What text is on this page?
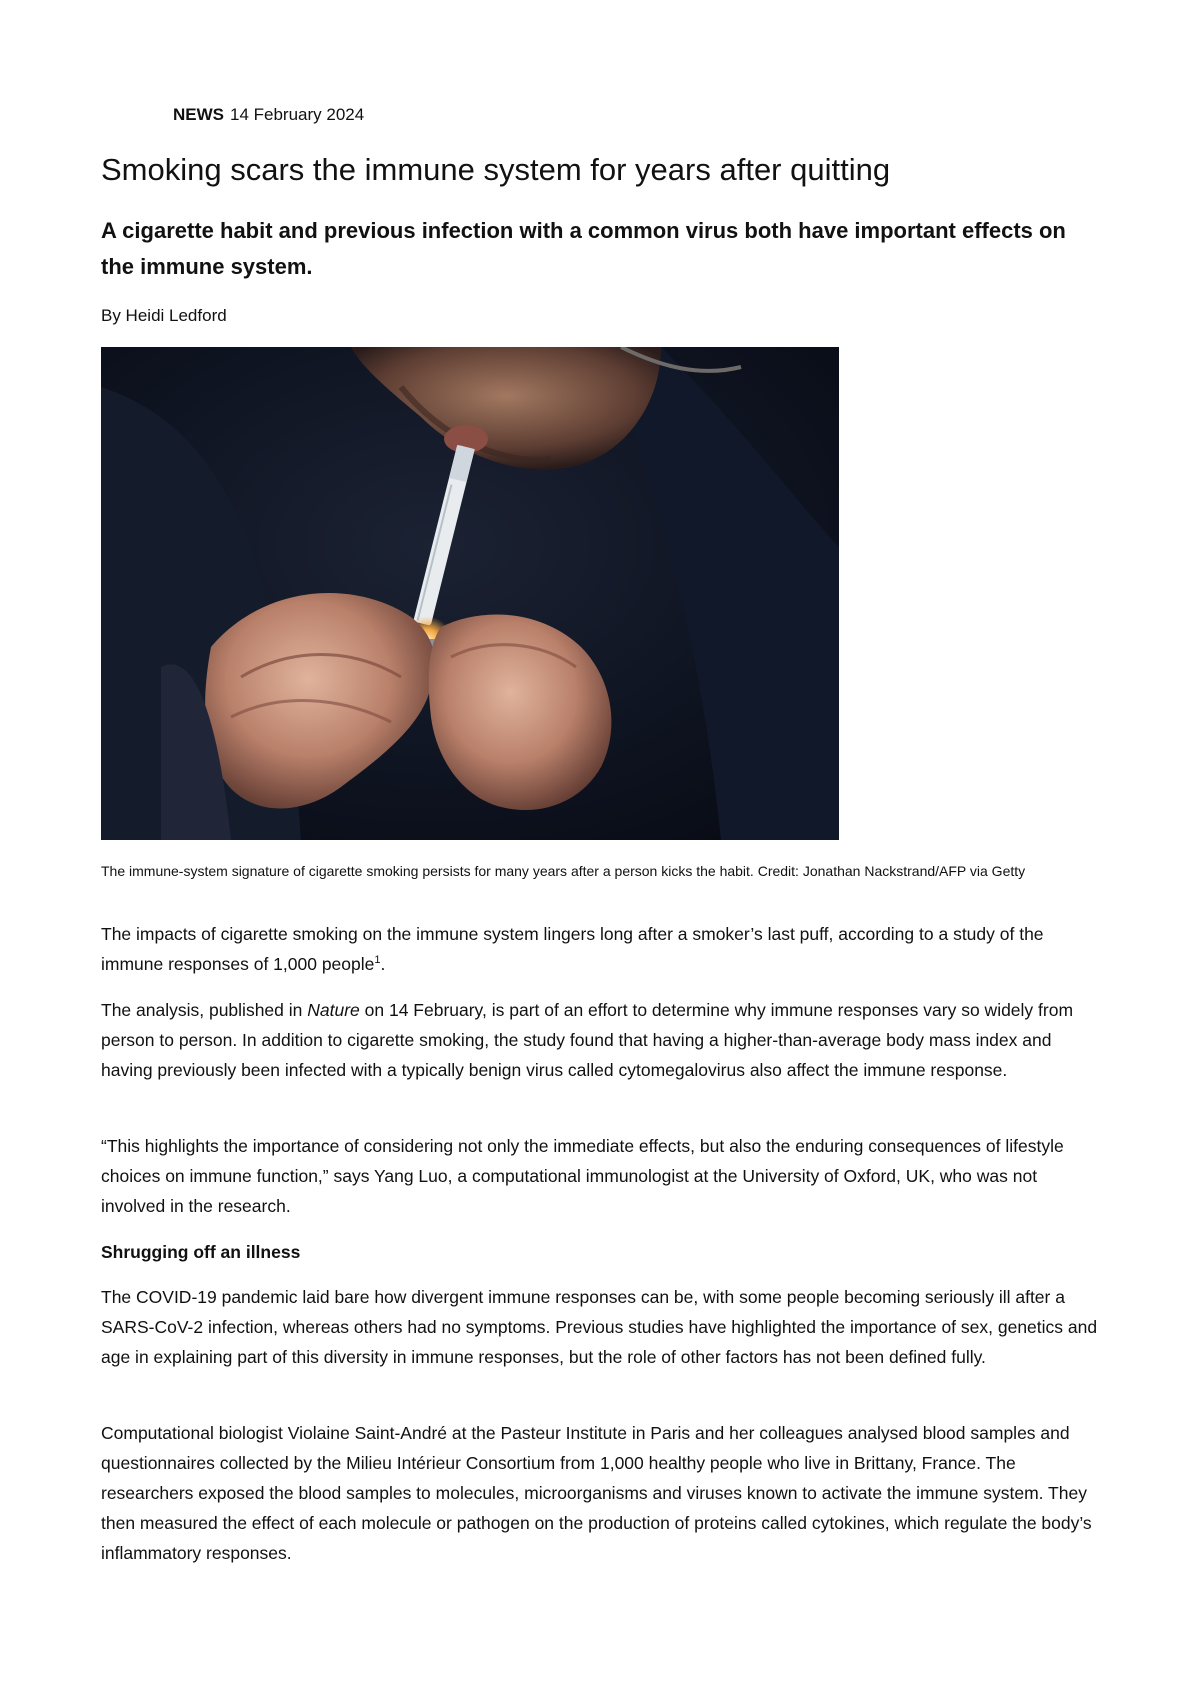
NEWS 14 February 2024
Smoking scars the immune system for years after quitting

A cigarette habit and previous infection with a common virus both have important effects on the immune system.

By Heidi Ledford

The immune-system signature of cigarette smoking persists for many years after a person kicks the habit. Credit: Jonathan Nackstrand/AFP via Getty

The impacts of cigarette smoking on the immune system lingers long after a smoker’s last puff, according to a study of the immune responses of 1,000 people$^1$.

The analysis, published in Nature on 14 February, is part of an effort to determine why immune responses vary so widely from person to person. In addition to cigarette smoking, the study found that having a higher-than-average body mass index and having previously been infected with a typically benign virus called cytomegalovirus also affect the immune response.

“This highlights the importance of considering not only the immediate effects, but also the enduring consequences of lifestyle choices on immune function,” says Yang Luo, a computational immunologist at the University of Oxford, UK, who was not involved in the research.

Shrugging off an illness

The COVID-19 pandemic laid bare how divergent immune responses can be, with some people becoming seriously ill after a SARS-CoV-2 infection, whereas others had no symptoms. Previous studies have highlighted the importance of sex, genetics and age in explaining part of this diversity in immune responses, but the role of other factors has not been defined fully.

Computational biologist Violaine Saint-André at the Pasteur Institute in Paris and her colleagues analysed blood samples and questionnaires collected by the Milieu Intérieur Consortium from 1,000 healthy people who live in Brittany, France. The researchers exposed the blood samples to molecules, microorganisms and viruses known to activate the immune system. They then measured the effect of each molecule or pathogen on the production of proteins called cytokines, which regulate the body’s inflammatory responses.
